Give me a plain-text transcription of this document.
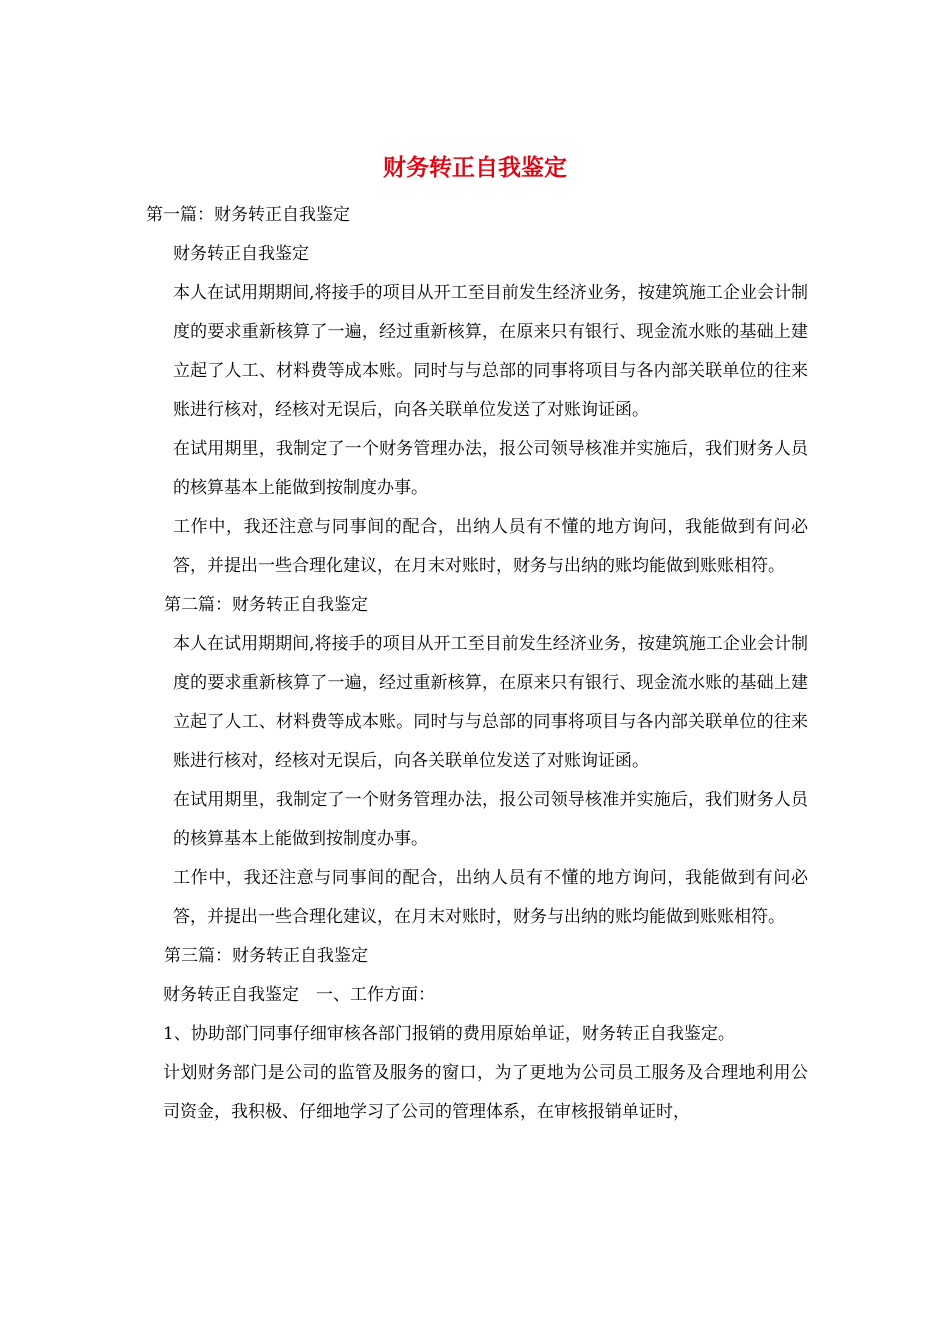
财务转正自我鉴定

第一篇：财务转正自我鉴定

财务转正自我鉴定

本人在试用期期间,将接手的项目从开工至目前发生经济业务，按建筑施工企业会计制度的要求重新核算了一遍，经过重新核算，在原来只有银行、现金流水账的基础上建立起了人工、材料费等成本账。同时与与总部的同事将项目与各内部关联单位的往来账进行核对，经核对无误后，向各关联单位发送了对账询证函。

在试用期里，我制定了一个财务管理办法，报公司领导核准并实施后，我们财务人员的核算基本上能做到按制度办事。

工作中，我还注意与同事间的配合，出纳人员有不懂的地方询问，我能做到有问必答，并提出一些合理化建议，在月末对账时，财务与出纳的账均能做到账账相符。

第二篇：财务转正自我鉴定

本人在试用期期间,将接手的项目从开工至目前发生经济业务，按建筑施工企业会计制度的要求重新核算了一遍，经过重新核算，在原来只有银行、现金流水账的基础上建立起了人工、材料费等成本账。同时与与总部的同事将项目与各内部关联单位的往来账进行核对，经核对无误后，向各关联单位发送了对账询证函。

在试用期里，我制定了一个财务管理办法，报公司领导核准并实施后，我们财务人员的核算基本上能做到按制度办事。

工作中，我还注意与同事间的配合，出纳人员有不懂的地方询问，我能做到有问必答，并提出一些合理化建议，在月末对账时，财务与出纳的账均能做到账账相符。

第三篇：财务转正自我鉴定

财务转正自我鉴定　一、工作方面：

1、协助部门同事仔细审核各部门报销的费用原始单证，财务转正自我鉴定。

计划财务部门是公司的监管及服务的窗口，为了更地为公司员工服务及合理地利用公司资金，我积极、仔细地学习了公司的管理体系，在审核报销单证时，
